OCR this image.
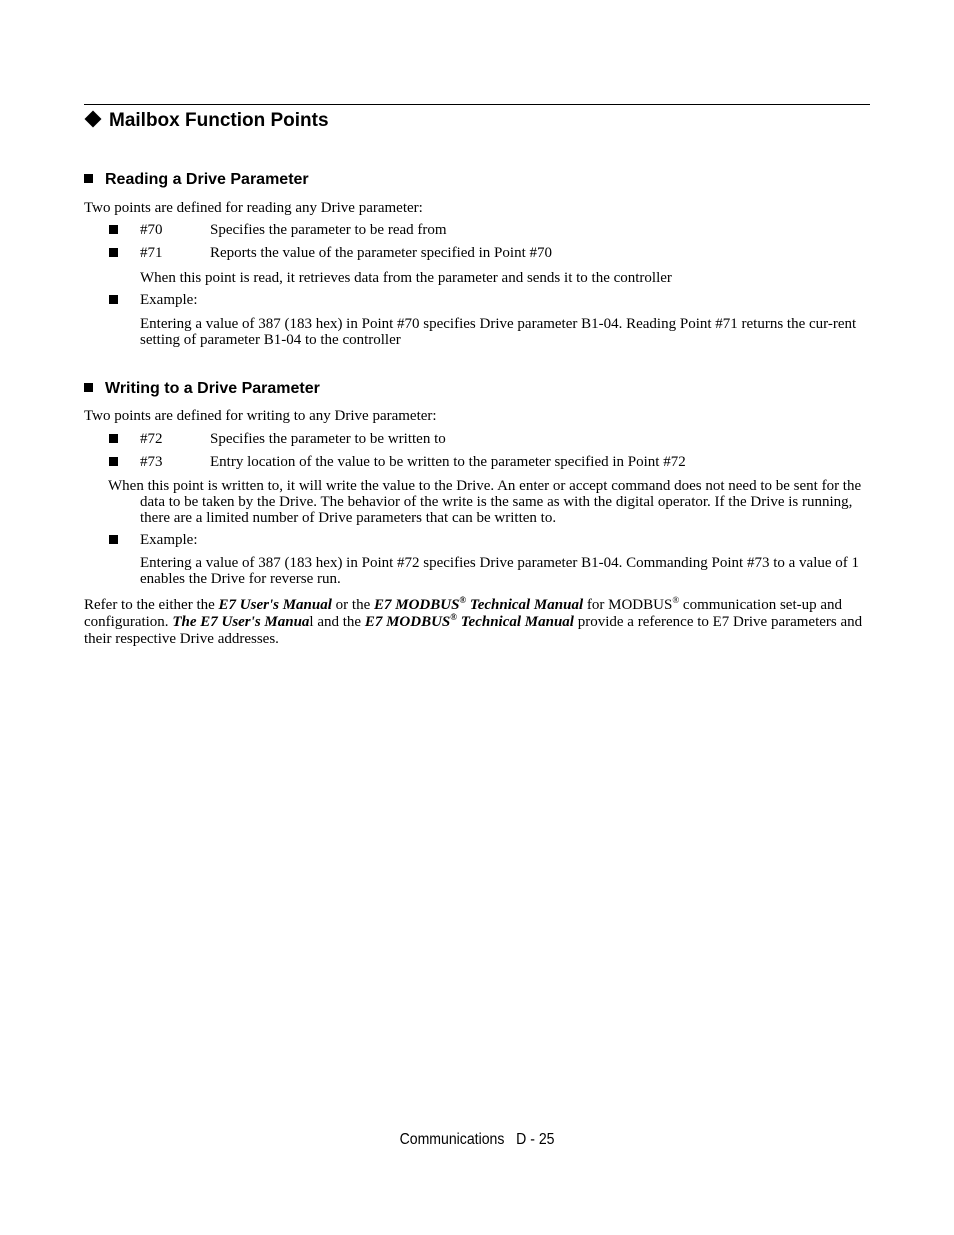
Mailbox Function Points
Reading a Drive Parameter
Two points are defined for reading any Drive parameter:
#70	Specifies the parameter to be read from
#71	Reports the value of the parameter specified in Point #70
When this point is read, it retrieves data from the parameter and sends it to the controller
Example:
Entering a value of 387 (183 hex) in Point #70 specifies Drive parameter B1-04. Reading Point #71 returns the cur-rent setting of parameter B1-04 to the controller
Writing to a Drive Parameter
Two points are defined for writing to any Drive parameter:
#72	Specifies the parameter to be written to
#73	Entry location of the value to be written to the parameter specified in Point #72
When this point is written to, it will write the value to the Drive. An enter or accept command does not need to be sent for the data to be taken by the Drive. The behavior of the write is the same as with the digital operator. If the Drive is running, there are a limited number of Drive parameters that can be written to.
Example:
Entering a value of 387 (183 hex) in Point #72 specifies Drive parameter B1-04. Commanding Point #73 to a value of 1 enables the Drive for reverse run.
Refer to the either the E7 User's Manual or the E7 MODBUS® Technical Manual for MODBUS® communication set-up and configuration. The E7 User's Manual and the E7 MODBUS® Technical Manual provide a reference to E7 Drive parameters and their respective Drive addresses.
Communications   D - 25
